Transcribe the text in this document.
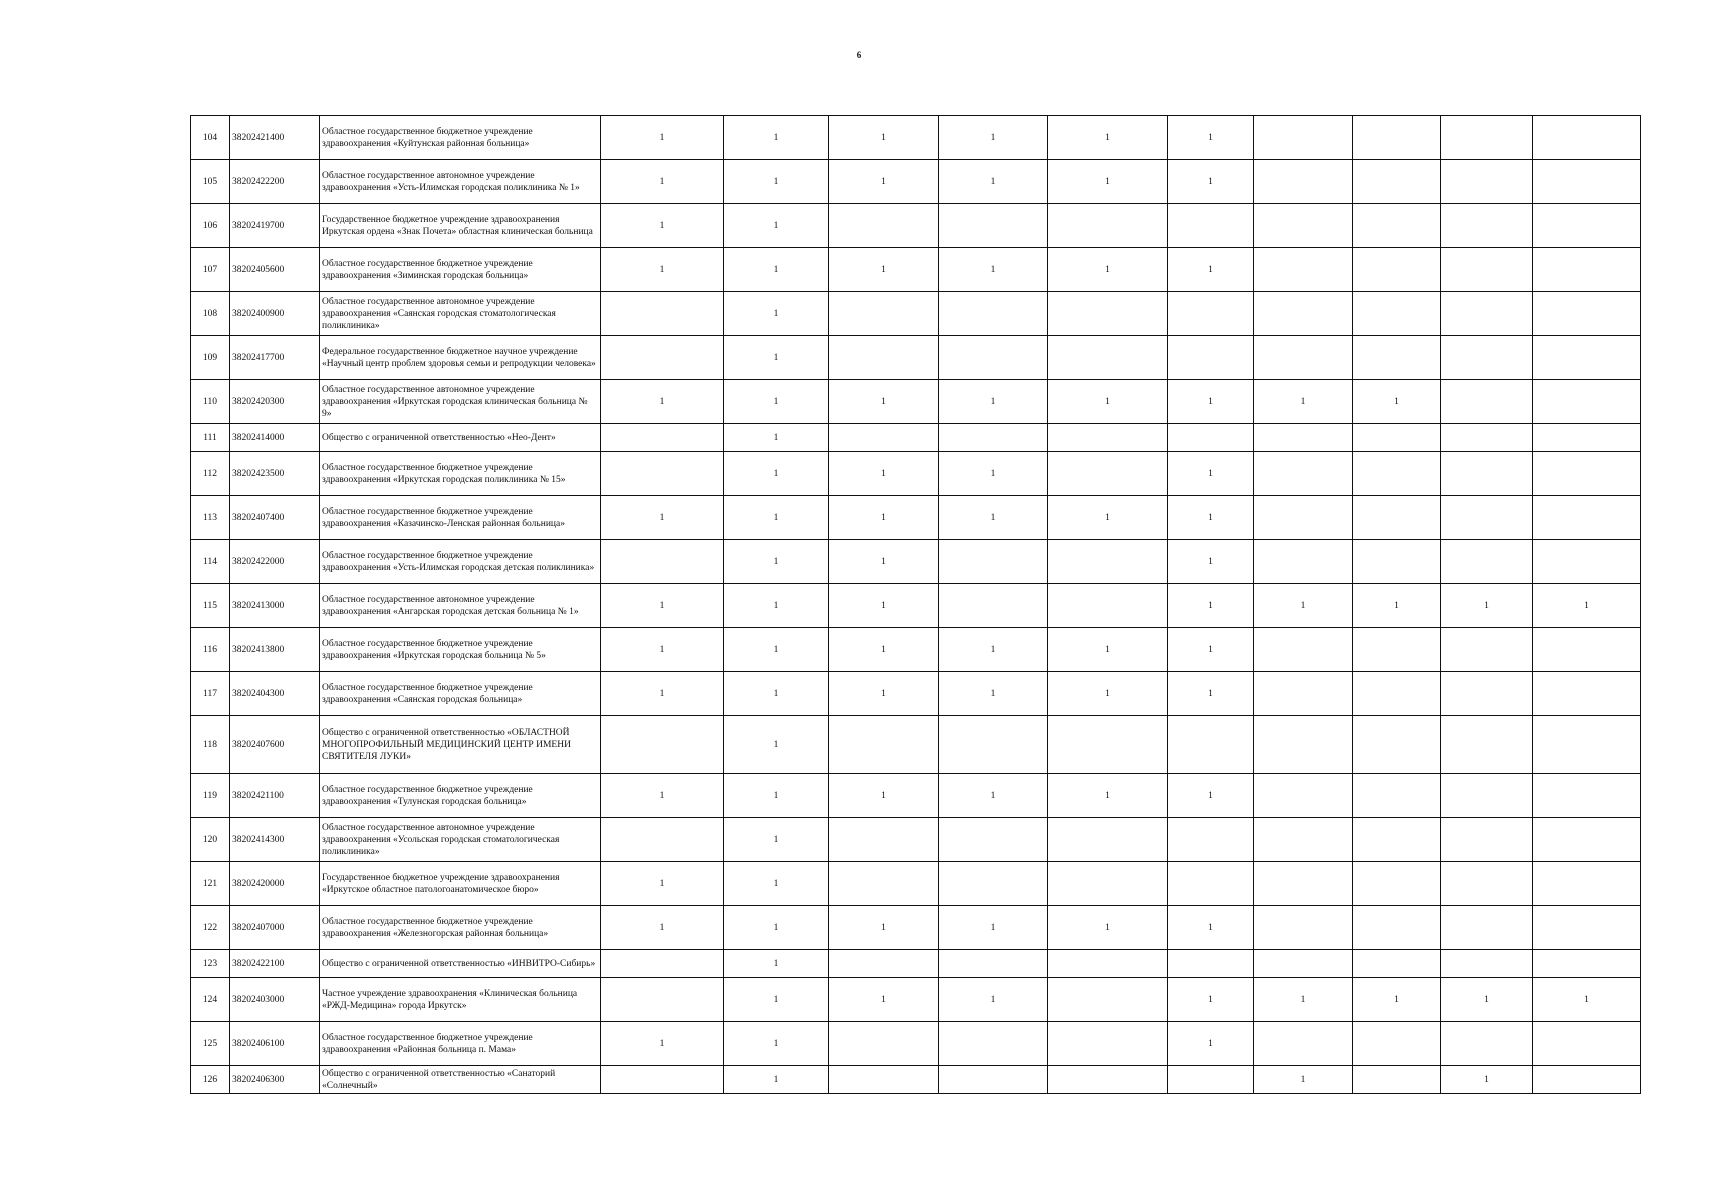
6
104	38202421400	Областное государственное бюджетное учреждение здравоохранения «Куйтунская районная больница»	1	1	1	1	1	1				
105	38202422200	Областное государственное автономное учреждение здравоохранения «Усть-Илимская городская поликлиника № 1»	1	1	1	1	1	1				
106	38202419700	Государственное бюджетное учреждение здравоохранения Иркутская ордена «Знак Почета» областная клиническая больница	1	1								
107	38202405600	Областное государственное бюджетное учреждение здравоохранения «Зиминская городская больница»	1	1	1	1	1	1				
108	38202400900	Областное государственное автономное учреждение здравоохранения «Саянская городская стоматологическая поликлиника»		1								
109	38202417700	Федеральное государственное бюджетное научное учреждение «Научный центр проблем здоровья семьи и репродукции человека»		1								
110	38202420300	Областное государственное автономное учреждение здравоохранения «Иркутская городская клиническая больница № 9»	1	1	1	1	1	1	1	1		
111	38202414000	Общество с ограниченной ответственностью «Нео-Дент»		1								
112	38202423500	Областное государственное бюджетное учреждение здравоохранения «Иркутская городская поликлиника № 15»		1	1	1		1				
113	38202407400	Областное государственное бюджетное учреждение здравоохранения «Казачинско-Ленская районная больница»	1	1	1	1	1	1				
114	38202422000	Областное государственное бюджетное учреждение здравоохранения «Усть-Илимская городская детская поликлиника»		1	1			1				
115	38202413000	Областное государственное автономное учреждение здравоохранения «Ангарская городская детская больница № 1»	1	1	1			1	1	1	1	1
116	38202413800	Областное государственное бюджетное учреждение здравоохранения «Иркутская городская больница № 5»	1	1	1	1	1	1				
117	38202404300	Областное государственное бюджетное учреждение здравоохранения «Саянская городская больница»	1	1	1	1	1	1				
118	38202407600	Общество с ограниченной ответственностью «ОБЛАСТНОЙ МНОГОПРОФИЛЬНЫЙ МЕДИЦИНСКИЙ ЦЕНТР ИМЕНИ СВЯТИТЕЛЯ ЛУКИ»		1								
119	38202421100	Областное государственное бюджетное учреждение здравоохранения «Тулунская городская больница»	1	1	1	1	1	1				
120	38202414300	Областное государственное автономное учреждение здравоохранения «Усольская городская стоматологическая поликлиника»		1								
121	38202420000	Государственное бюджетное учреждение здравоохранения «Иркутское областное патологоанатомическое бюро»	1	1								
122	38202407000	Областное государственное бюджетное учреждение здравоохранения «Железногорская районная больница»	1	1	1	1	1	1				
123	38202422100	Общество с ограниченной ответственностью «ИНВИТРО-Сибирь»		1								
124	38202403000	Частное учреждение здравоохранения «Клиническая больница «РЖД-Медицина» города Иркутск»		1	1	1		1	1	1	1	1
125	38202406100	Областное государственное бюджетное учреждение здравоохранения «Районная больница п. Мама»	1	1				1				
126	38202406300	Общество с ограниченной ответственностью «Санаторий «Солнечный»		1					1		1	
